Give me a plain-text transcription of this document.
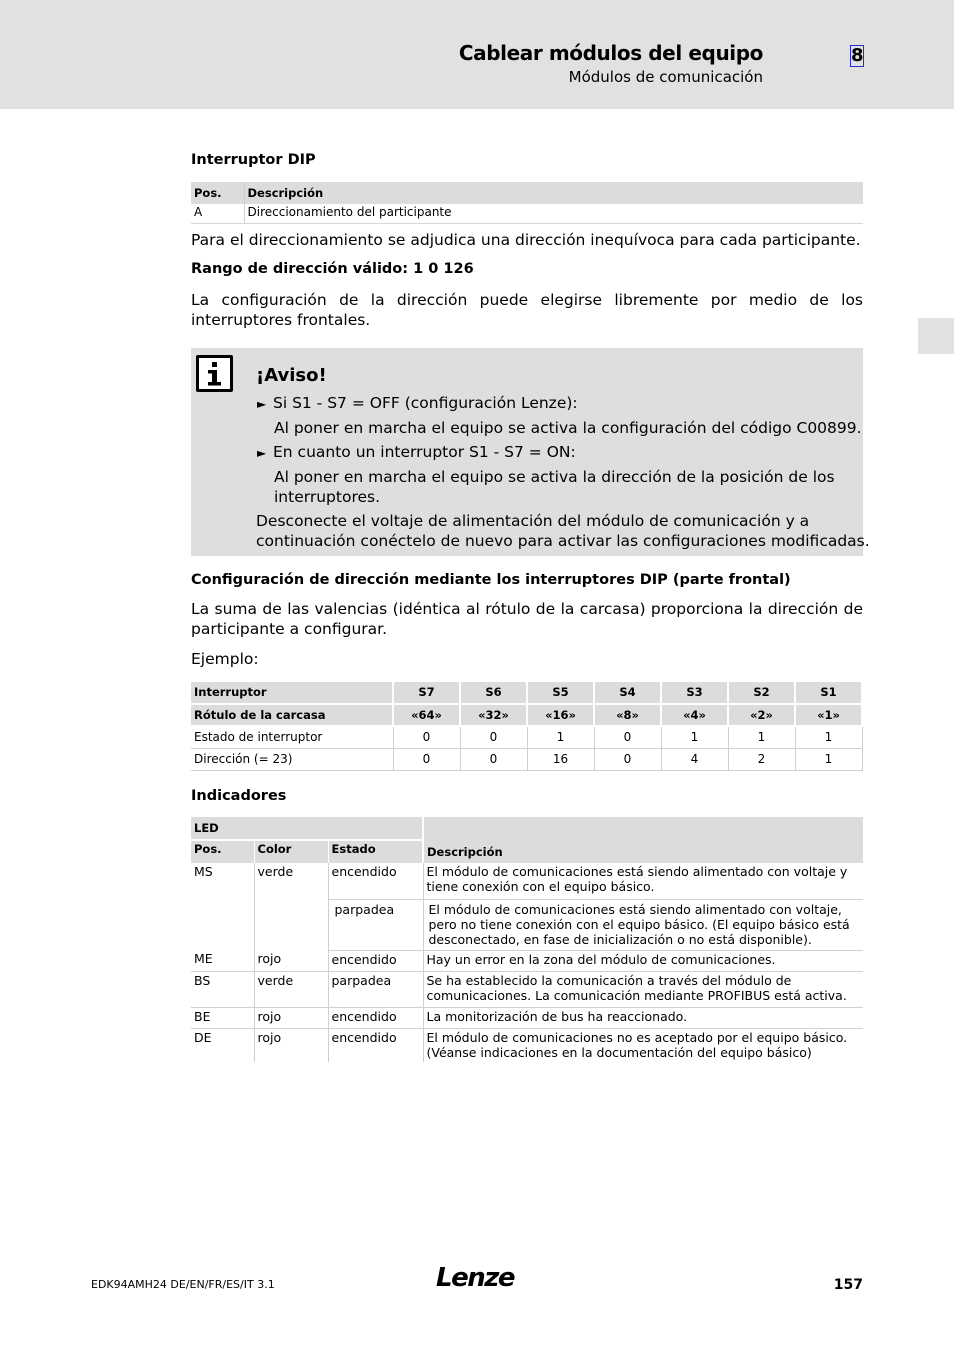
Cablear módulos del equipo
Módulos de comunicación
8
Interruptor DIP
Pos.	Descripción
A	Direccionamiento del participante
Para el direccionamiento se adjudica una dirección inequívoca para cada participante.
Rango de dirección válido: 1 0 126
La configuración de la dirección puede elegirse libremente por medio de los interruptores frontales.
¡Aviso!
► Si S1 - S7 = OFF (configuración Lenze):
Al poner en marcha el equipo se activa la configuración del código C00899.
► En cuanto un interruptor S1 - S7 = ON:
Al poner en marcha el equipo se activa la dirección de la posición de los
interruptores.
Desconecte el voltaje de alimentación del módulo de comunicación y a
continuación conéctelo de nuevo para activar las configuraciones modificadas.
Configuración de dirección mediante los interruptores DIP (parte frontal)
La suma de las valencias (idéntica al rótulo de la carcasa) proporciona la dirección de participante a configurar.
Ejemplo:
Interruptor	S7	S6	S5	S4	S3	S2	S1
Rótulo de la carcasa	«64»	«32»	«16»	«8»	«4»	«2»	«1»
Estado de interruptor	0	0	1	0	1	1	1
Dirección (= 23)	0	0	16	0	4	2	1
Indicadores
LED			Descripción
Pos.	Color	Estado	
MS	verde	encendido	El módulo de comunicaciones está siendo alimentado con voltaje y tiene conexión con el equipo básico.
		parpadea	El módulo de comunicaciones está siendo alimentado con voltaje, pero no tiene conexión con el equipo básico. (El equipo básico está desconectado, en fase de inicialización o no está disponible).
ME	rojo	encendido	Hay un error en la zona del módulo de comunicaciones.
BS	verde	parpadea	Se ha establecido la comunicación a través del módulo de comunicaciones. La comunicación mediante PROFIBUS está activa.
BE	rojo	encendido	La monitorización de bus ha reaccionado.
DE	rojo	encendido	El módulo de comunicaciones no es aceptado por el equipo básico. (Véanse indicaciones en la documentación del equipo básico)
EDK94AMH24 DE/EN/FR/ES/IT 3.1	Lenze	157
